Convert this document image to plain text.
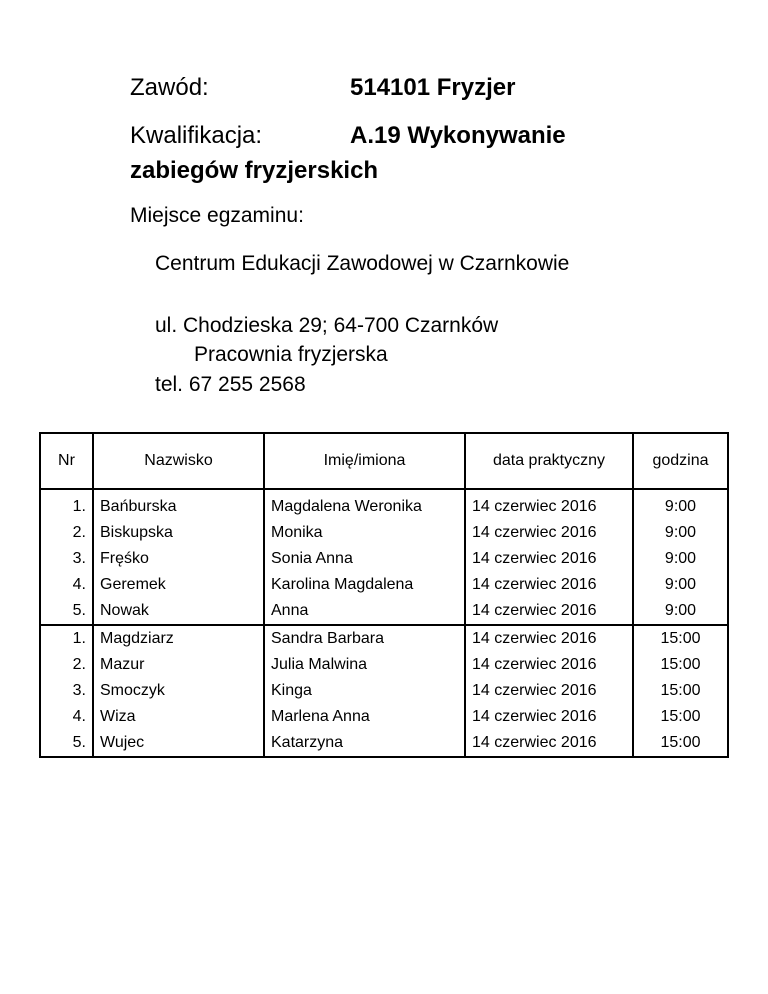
Zawód:	514101 Fryzjer
Kwalifikacja:	A.19 Wykonywanie
zabiegów fryzjerskich
Miejsce egzaminu:
Centrum Edukacji Zawodowej w Czarnkowie
ul. Chodzieska 29; 64-700 Czarnków
Pracownia fryzjerska
tel. 67 255 2568
Nr	Nazwisko	Imię/imiona	data praktyczny	godzina
1.	Bańburska	Magdalena Weronika	14 czerwiec 2016	9:00
2.	Biskupska	Monika	14 czerwiec 2016	9:00
3.	Fręśko	Sonia Anna	14 czerwiec 2016	9:00
4.	Geremek	Karolina Magdalena	14 czerwiec 2016	9:00
5.	Nowak	Anna	14 czerwiec 2016	9:00
1.	Magdziarz	Sandra Barbara	14 czerwiec 2016	15:00
2.	Mazur	Julia Malwina	14 czerwiec 2016	15:00
3.	Smoczyk	Kinga	14 czerwiec 2016	15:00
4.	Wiza	Marlena Anna	14 czerwiec 2016	15:00
5.	Wujec	Katarzyna	14 czerwiec 2016	15:00
